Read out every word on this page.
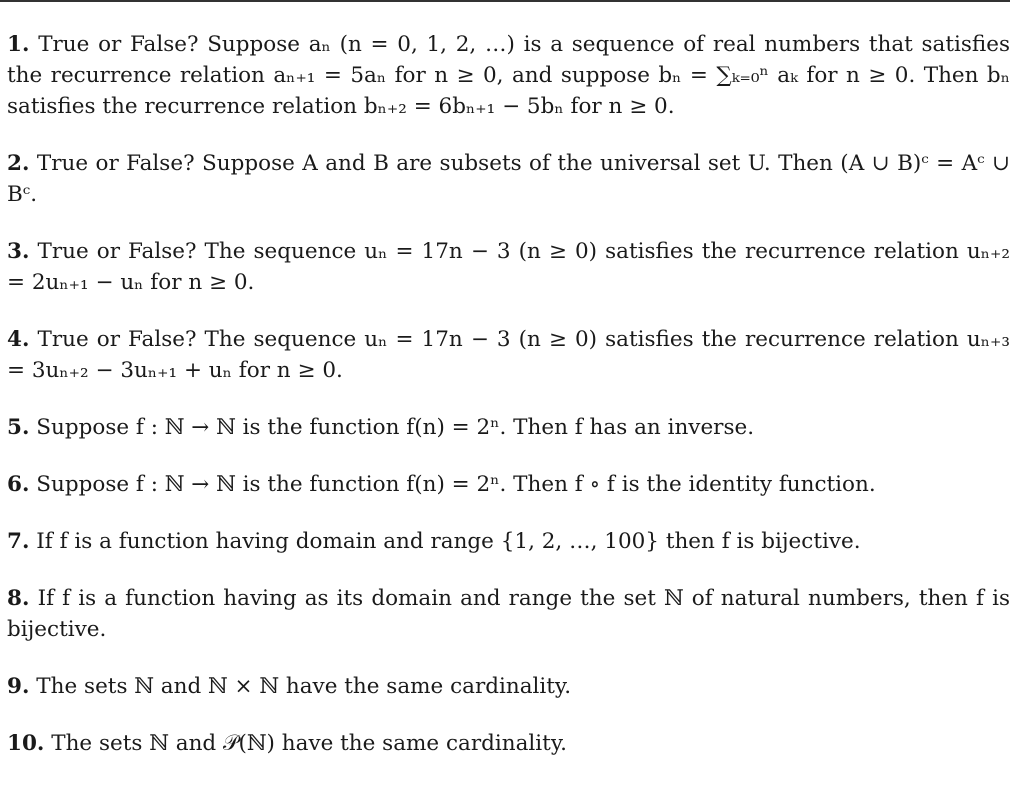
1. True or False? Suppose aₙ (n = 0, 1, 2, …) is a sequence of real numbers that satisfies the recurrence relation aₙ₊₁ = 5aₙ for n ≥ 0, and suppose bₙ = ∑ₖ₌₀ⁿ aₖ for n ≥ 0. Then bₙ satisfies the recurrence relation bₙ₊₂ = 6bₙ₊₁ − 5bₙ for n ≥ 0.

2. True or False? Suppose A and B are subsets of the universal set U. Then (A ∪ B)ᶜ = Aᶜ ∪ Bᶜ.

3. True or False? The sequence uₙ = 17n − 3 (n ≥ 0) satisfies the recurrence relation uₙ₊₂ = 2uₙ₊₁ − uₙ for n ≥ 0.

4. True or False? The sequence uₙ = 17n − 3 (n ≥ 0) satisfies the recurrence relation uₙ₊₃ = 3uₙ₊₂ − 3uₙ₊₁ + uₙ for n ≥ 0.

5. Suppose f : ℕ → ℕ is the function f(n) = 2ⁿ. Then f has an inverse.

6. Suppose f : ℕ → ℕ is the function f(n) = 2ⁿ. Then f ∘ f is the identity function.

7. If f is a function having domain and range {1, 2, …, 100} then f is bijective.

8. If f is a function having as its domain and range the set ℕ of natural numbers, then f is bijective.

9. The sets ℕ and ℕ × ℕ have the same cardinality.

10. The sets ℕ and 𝒫(ℕ) have the same cardinality.
